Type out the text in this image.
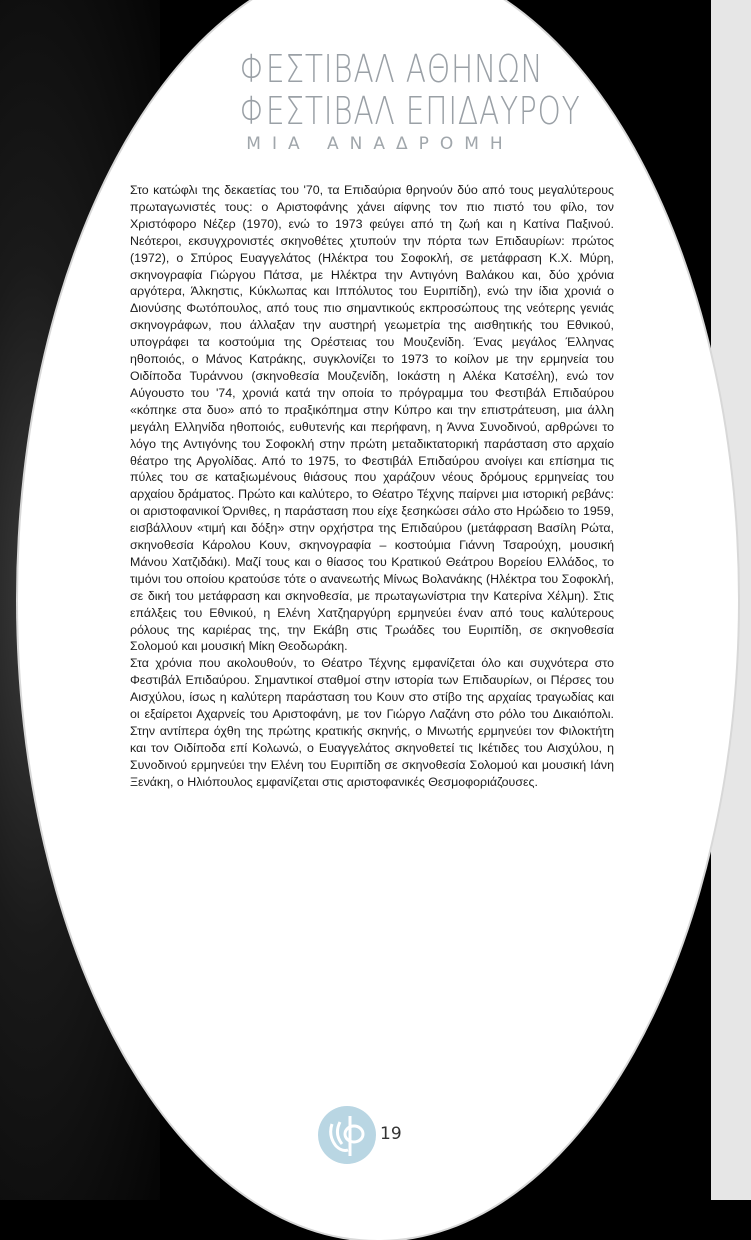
ΦΕΣΤΙΒΑΛ ΑΘΗΝΩΝ
ΦΕΣΤΙΒΑΛ ΕΠΙΔΑΥΡΟΥ
ΜΙΑ ΑΝΑΔΡΟΜΗ

Στο κατώφλι της δεκαετίας του '70, τα Επιδαύρια θρηνούν δύο από τους μεγαλύτερους πρωταγωνιστές τους: ο Αριστοφάνης χάνει αίφνης τον πιο πιστό του φίλο, τον Χριστόφορο Νέζερ (1970), ενώ το 1973 φεύγει από τη ζωή και η Κατίνα Παξινού. Νεότεροι, εκσυγχρονιστές σκηνοθέτες χτυπούν την πόρτα των Επιδαυρίων: πρώτος (1972), ο Σπύρος Ευαγγελάτος (Ηλέκτρα του Σοφοκλή, σε μετάφραση Κ.Χ. Μύρη, σκηνογραφία Γιώργου Πάτσα, με Ηλέκτρα την Αντιγόνη Βαλάκου και, δύο χρόνια αργότερα, Άλκηστις, Κύκλωπας και Ιππόλυτος του Ευριπίδη), ενώ την ίδια χρονιά ο Διονύσης Φωτόπουλος, από τους πιο σημαντικούς εκπροσώπους της νεότερης γενιάς σκηνογράφων, που άλλαξαν την αυστηρή γεωμετρία της αισθητικής του Εθνικού, υπογράφει τα κοστούμια της Ορέστειας του Μουζενίδη. Ένας μεγάλος Έλληνας ηθοποιός, ο Μάνος Κατράκης, συγκλονίζει το 1973 το κοίλον με την ερμηνεία του Οιδίποδα Τυράννου (σκηνοθεσία Μουζενίδη, Ιοκάστη η Αλέκα Κατσέλη), ενώ τον Αύγουστο του '74, χρονιά κατά την οποία το πρόγραμμα του Φεστιβάλ Επιδαύρου «κόπηκε στα δυο» από το πραξικόπημα στην Κύπρο και την επιστράτευση, μια άλλη μεγάλη Ελληνίδα ηθοποιός, ευθυτενής και περήφανη, η Άννα Συνοδινού, αρθρώνει το λόγο της Αντιγόνης του Σοφοκλή στην πρώτη μεταδικτατορική παράσταση στο αρχαίο θέατρο της Αργολίδας. Από το 1975, το Φεστιβάλ Επιδαύρου ανοίγει και επίσημα τις πύλες του σε καταξιωμένους θιάσους που χαράζουν νέους δρόμους ερμηνείας του αρχαίου δράματος. Πρώτο και καλύτερο, το Θέατρο Τέχνης παίρνει μια ιστορική ρεβάνς: οι αριστοφανικοί Όρνιθες, η παράσταση που είχε ξεσηκώσει σάλο στο Ηρώδειο το 1959, εισβάλλουν «τιμή και δόξη» στην ορχήστρα της Επιδαύρου (μετάφραση Βασίλη Ρώτα, σκηνοθεσία Κάρολου Κουν, σκηνογραφία – κοστούμια Γιάννη Τσαρούχη, μουσική Μάνου Χατζιδάκι). Μαζί τους και ο θίασος του Κρατικού Θεάτρου Βορείου Ελλάδος, το τιμόνι του οποίου κρατούσε τότε ο ανανεωτής Μίνως Βολανάκης (Ηλέκτρα του Σοφοκλή, σε δική του μετάφραση και σκηνοθεσία, με πρωταγωνίστρια την Κατερίνα Χέλμη). Στις επάλξεις του Εθνικού, η Ελένη Χατζηαργύρη ερμηνεύει έναν από τους καλύτερους ρόλους της καριέρας της, την Εκάβη στις Τρωάδες του Ευριπίδη, σε σκηνοθεσία Σολομού και μουσική Μίκη Θεοδωράκη.

Στα χρόνια που ακολουθούν, το Θέατρο Τέχνης εμφανίζεται όλο και συχνότερα στο Φεστιβάλ Επιδαύρου. Σημαντικοί σταθμοί στην ιστορία των Επιδαυρίων, οι Πέρσες του Αισχύλου, ίσως η καλύτερη παράσταση του Κουν στο στίβο της αρχαίας τραγωδίας και οι εξαίρετοι Αχαρνείς του Αριστοφάνη, με τον Γιώργο Λαζάνη στο ρόλο του Δικαιόπολι. Στην αντίπερα όχθη της πρώτης κρατικής σκηνής, ο Μινωτής ερμηνεύει τον Φιλοκτήτη και τον Οιδίποδα επί Κολωνώ, ο Ευαγγελάτος σκηνοθετεί τις Ικέτιδες του Αισχύλου, η Συνοδινού ερμηνεύει την Ελένη του Ευριπίδη σε σκηνοθεσία Σολομού και μουσική Ιάνη Ξενάκη, ο Ηλιόπουλος εμφανίζεται στις αριστοφανικές Θεσμοφοριάζουσες.

19
